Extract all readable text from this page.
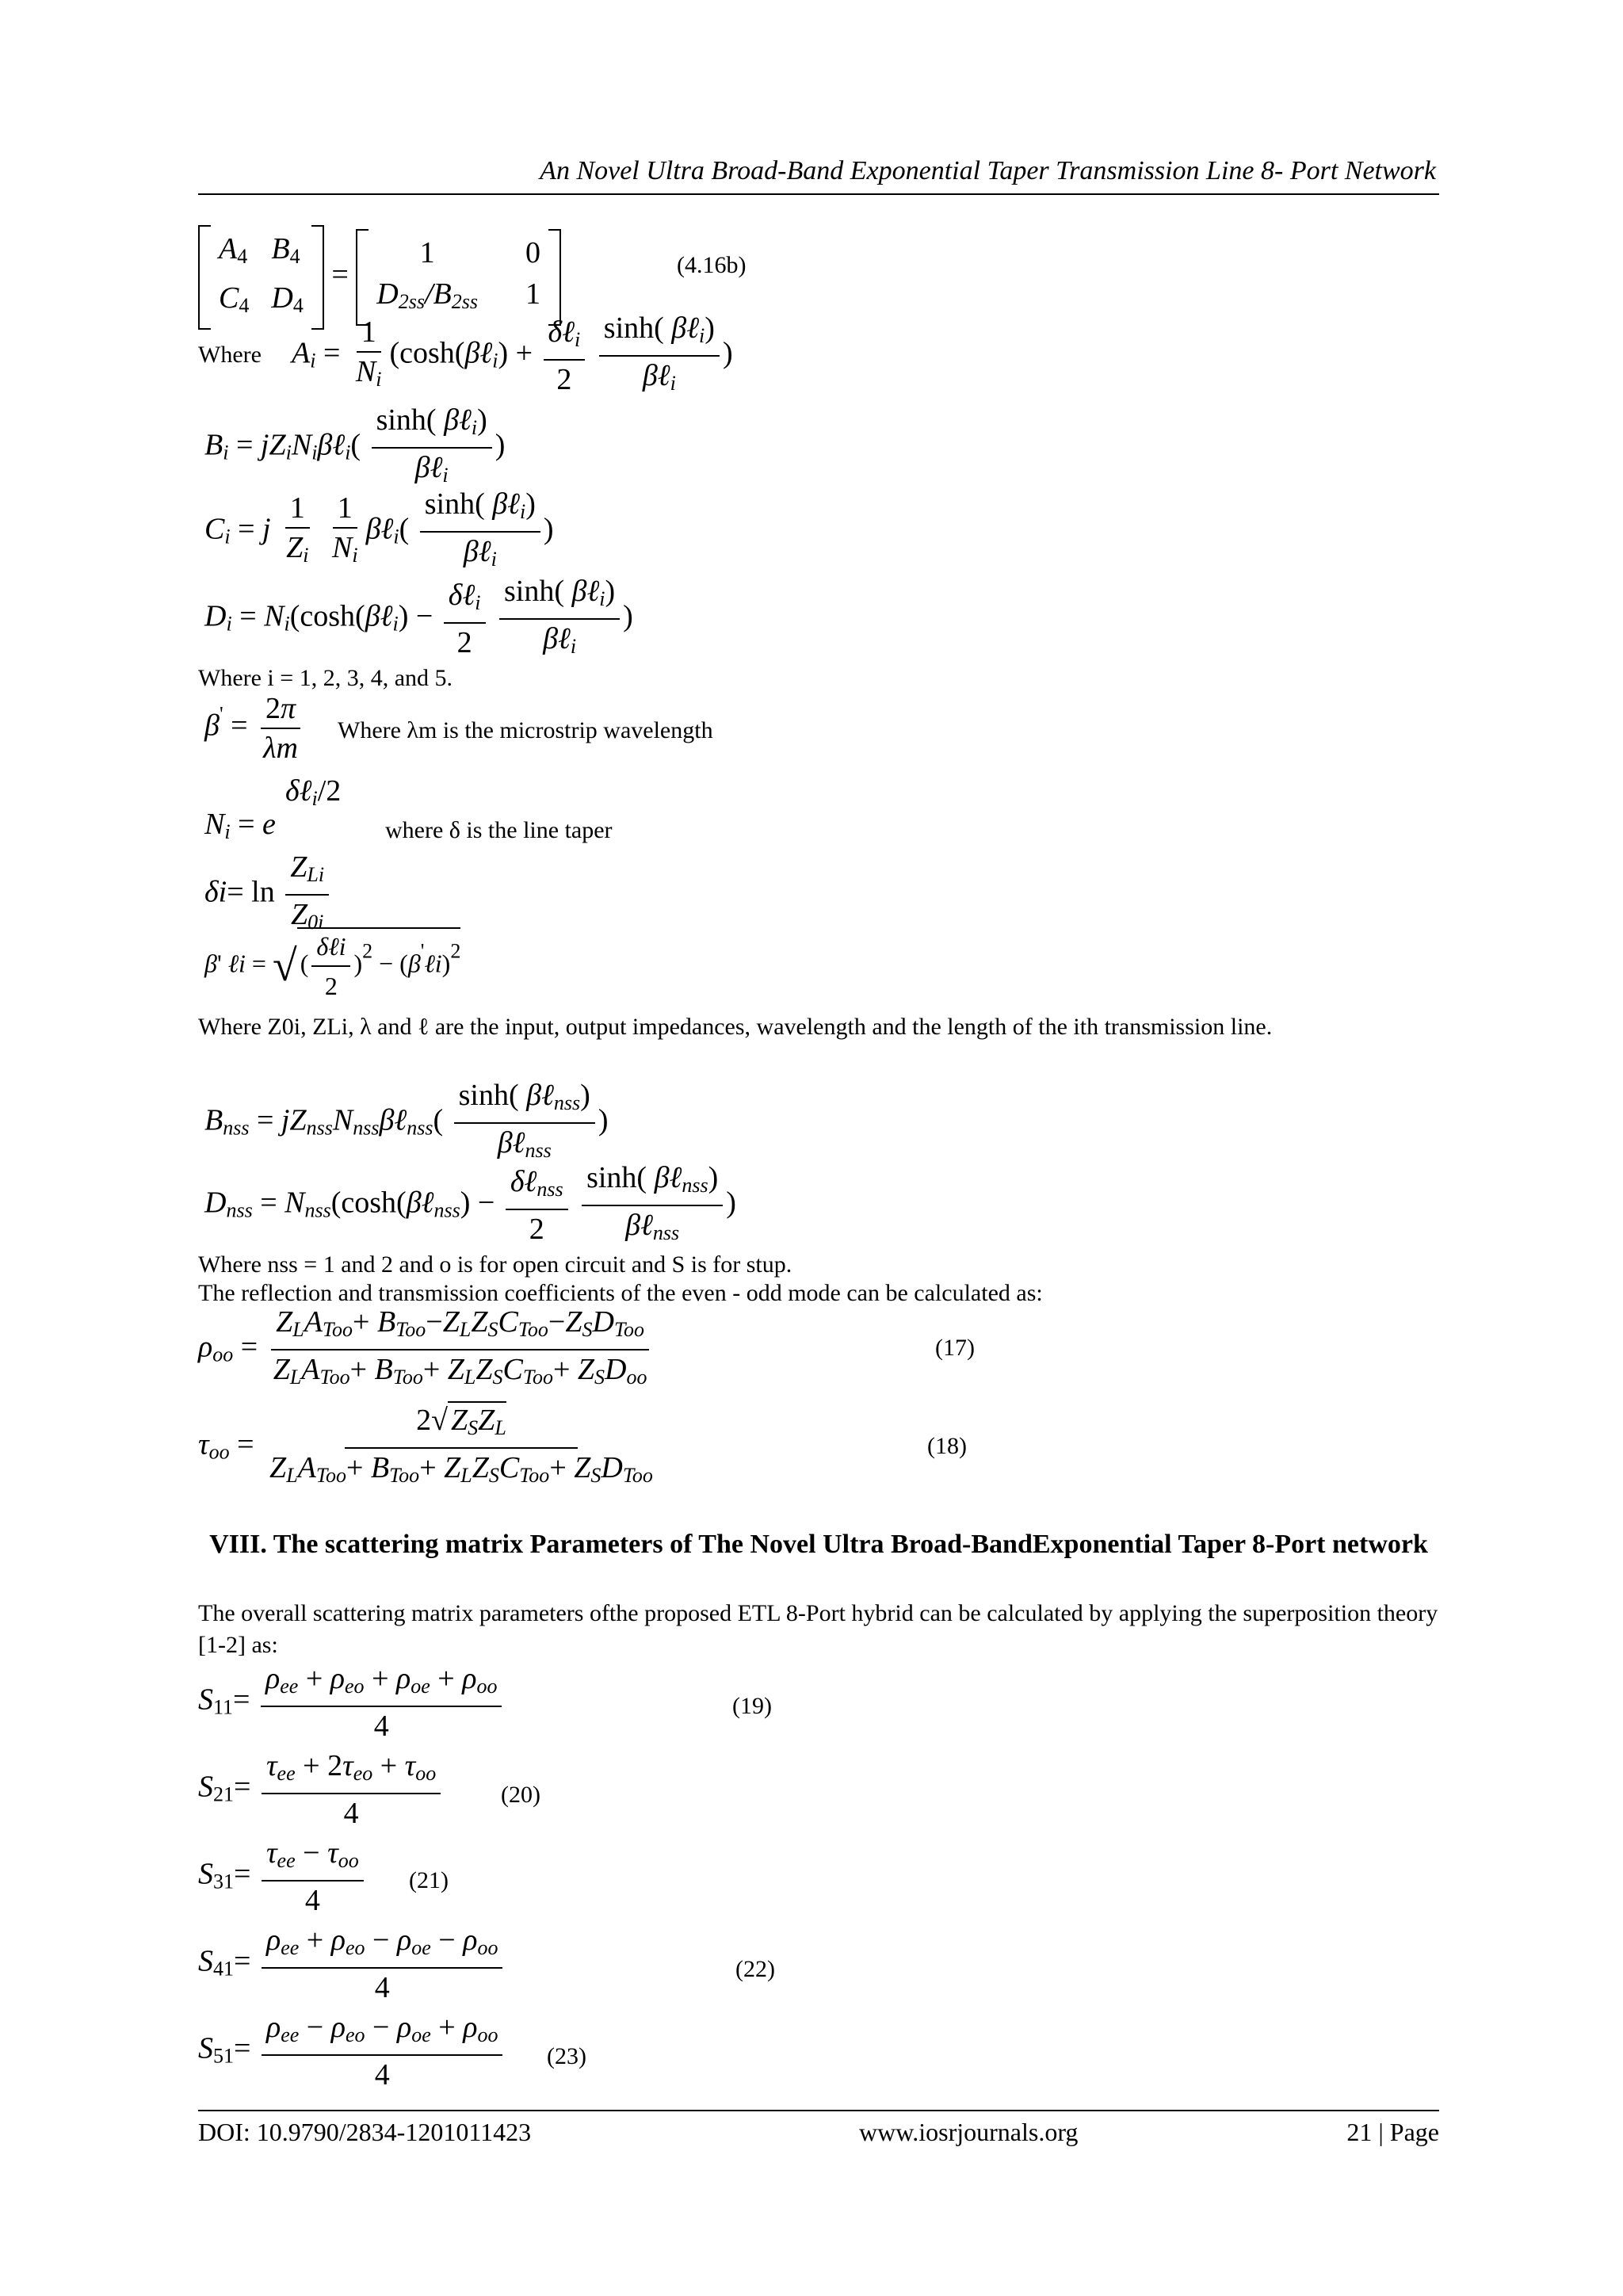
An Novel Ultra Broad-Band Exponential Taper Transmission Line 8- Port Network
$A_4$ $B_4$
$C_4$ $D_4$
=
1	0
$D_{2ss}/B_{2ss}$ 1
(4.16b)
Where $A_i = \frac{1}{N_i}$ (cosh(βℓ$_i$) + $\frac{\delta\ell_i}{2}$
$\frac{\sinh( \beta\ell_i)}{\beta\ell_i}$ )
$B_i$ = $jZ_iN_i\beta\ell_i( \frac{\sinh( \beta\ell_i)}{\beta\ell_i}$ )
$C_i = j \frac{1}{Z_i}$
$\frac{1}{N_i}$ βℓ$_i$( $\frac{\sinh( \beta\ell_i)}{\beta\ell_i}$ )
$D_i$ = $N_i(\cosh(\beta\ell_i) - \frac{\delta\ell_i}{2}$
$\frac{\sinh( \beta\ell_i)}{\beta\ell_i}$ )
Where i = 1, 2, 3, 4, and 5.
$\beta' = \frac{2\pi}{\lambda m}$ Where λm is the microstrip wavelength
δℓ$_i$/2
$N_i = e$	where δ is the line taper
$\delta i= \ln \frac{Z_{Li}}{Z_{0i}}$
β' ℓi = √ ( $\frac{\text{δℓi}}{2} )^2$ − (β'ℓi)$^2$
Where Z0i, ZLi, λ and ℓ are the input, output impedances, wavelength and the length of the ith transmission line.
$B_{nss}$ = $jZ_{nss}N_{nss}\beta\ell_{nss}( \frac{\sinh( \beta\ell_{nss})}{\beta\ell_{nss}}$ )
$D_{nss}$ = $N_{nss}(\cosh(\beta\ell_{nss}) - \frac{\delta\ell_{nss}}{2}$
$\frac{\sinh( \beta\ell_{nss})}{\beta\ell_{nss}}$ )
Where nss = 1 and 2 and o is for open circuit and S is for stup.
The reflection and transmission coefficients of the even - odd mode can be calculated as:
$\rho_{oo} = \frac{Z_LA_{Too}+ B_{Too}-Z_LZ_SC_{Too}-Z_SD_{Too}}{Z_LA_{Too}+ B_{Too}+ Z_LZ_SC_{Too}+ Z_SD_{oo}}$	(17)
$\tau_{oo} = \frac{2√ Z_SZ_L}{Z_LA_{Too}+ B_{Too}+ Z_LZ_SC_{Too}+ Z_SD_{Too}}$	(18)
VIII. The scattering matrix Parameters of The Novel Ultra Broad-BandExponential Taper 8-Port network
The overall scattering matrix parameters ofthe proposed ETL 8-Port hybrid can be calculated by applying the superposition theory [1-2] as:
$S_{11}= \frac{\rho_{ee} + \rho_{eo} + \rho_{oe} + \rho_{oo}}{4}$	(19)
$S_{21}= \frac{\tau_{ee} + 2\tau_{eo} + \tau_{oo}}{4}$	(20)
$S_{31}= \frac{\tau_{ee} - \tau_{oo}}{4} (21)$
$S_{41}= \frac{\rho_{ee} + \rho_{eo} - \rho_{oe} - \rho_{oo}}{4}$	(22)
$S_{51}= \frac{\rho_{ee} - \rho_{eo} - \rho_{oe} + \rho_{oo}}{4} (23)$
DOI: 10.9790/2834-1201011423	www.iosrjournals.org	21 | Page
